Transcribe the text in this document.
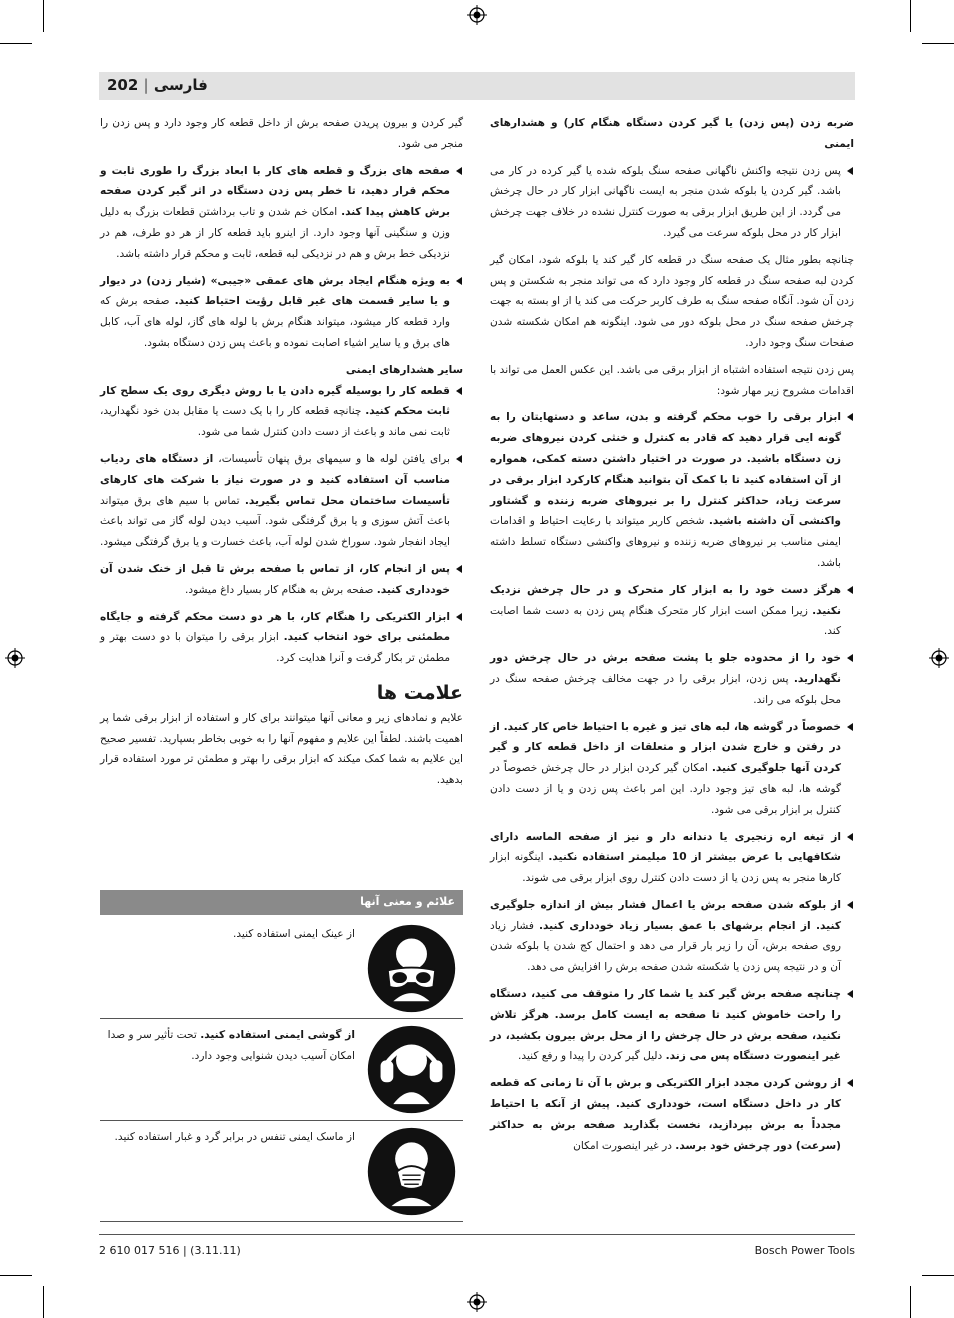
فارسی | 202

ضربه زدن (پس زدن) یا گیر کردن دستگاه هنگام کار) و هشدارهای ایمنی

پس زدن نتیجه واکنش ناگهانی صفحه سنگ بلوکه شده یا گیر کرده در کار می باشد. گیر کردن یا بلوکه شدن منجر به ایست ناگهانی ابزار کار در حال چرخش می گردد. از این طریق ابزار برقی به صورت کنترل نشده در خلاف جهت چرخش ابزار کار در محل بلوکه سرعت می گیرد.

چنانچه بطور مثال یک صفحه سنگ در قطعه کار گیر کند یا بلوکه شود، امکان گیر کردن لبه صفحه سنگ در قطعه کار وجود دارد که می تواند منجر به شکستن و پس زدن آن شود. آنگاه صفحه سنگ به طرف کاربر حرکت می کند یا از او بسته به جهت چرخش صفحه سنگ در محل بلوکه دور می شود. اینگونه هم امکان شکسته شدن صفحات سنگ وجود دارد.

پس زدن نتیجه استفاده اشتباه از ابزار برقی می باشد. این عکس العمل می تواند با اقدامات مشروح زیر مهار شود:

ابزار برقی را خوب محکم گرفته و بدن، ساعد و دستهایتان را به گونه ایی قرار دهید که قادر به کنترل و خنثی کردن نیروهای ضربه زن دستگاه باشید. در صورت در اختیار داشتن دسته کمکی، همواره از آن استفاده کنید تا با کمک آن بتوانید هنگام کارکرد ابزار برقی در سرعت زیاد، حداکثر کنترل را بر نیروهای ضربه زننده و گشتاور واکنشی آن داشته باشید. شخص کاربر میتواند با رعایت احتیاط و اقدامات ایمنی مناسب بر نیروهای ضربه زننده و نیروهای واکنشی دستگاه تسلط داشته باشد.

هرگز دست خود را به ابزار کار متحرک و در حال چرخش نزدیک نکنید. زیرا ممکن است ابزار کار متحرک هنگام پس زدن به دست شما اصابت کند.

خود را از محدوده جلو یا پشت صفحه برش در حال چرخش دور نگهدارید. پس زدن، ابزار برقی را در جهت مخالف چرخش صفحه سنگ در محل بلوکه می راند.

خصوصاً در گوشه ها، لبه های تیز و غیره با احتیاط خاص کار کنید. از در رفتن و خارج شدن ابزار و متعلقات از داخل قطعه کار و گیر کردن آنها جلوگیری کنید. امکان گیر کردن ابزار در حال چرخش خصوصاً در گوشه ها، لبه های تیز وجود دارد. این امر باعث پس زدن و یا از دست دادن کنترل بر ابزار برقی می شود.

از تیغه اره زنجیری یا دندانه دار و نیز از صفحه الماسه دارای شکافهایی با عرض بیشتر از 10 میلیمتر استفاده نکنید. اینگونه ابزار کارها منجر به پس زدن یا از دست دادن کنترل روی ابزار برقی می شوند.

از بلوکه شدن صفحه برش یا اعمال فشار بیش از اندازه جلوگیری کنید. از انجام برشهای با عمق بسیار زیاد خودداری کنید. فشار زیاد روی صفحه برش، آن را زیر بار قرار می دهد و احتمال کج شدن یا بلوکه شدن آن و در نتیجه پس زدن یا شکسته شدن صفحه برش را افزایش می دهد.

چنانچه صفحه برش گیر کند یا شما کار را متوقف می کنید، دستگاه را راحت خاموش کنید تا صفحه به ایست کامل برسد. هرگز تلاش نکنید، صفحه برش در حال چرخش را از محل برش بیرون بکشید، در غیر اینصورت دستگاه پس می زند. دلیل گیر کردن را پیدا و رفع کنید.

از روشن کردن مجدد ابزار الکتریکی و برش با آن تا زمانی که قطعه کار در داخل دستگاه است، خودداری کنید. پیش از آنکه با احتیاط مجدداً به برش بپردازید، نخست بگذارید صفحه برش به حداکثر (سرعت) دور چرخش خود برسد. در غیر اینصورت امکان

گیر کردن و بیرون پریدن صفحه برش از داخل قطعه کار وجود دارد و پس زدن را منجر می شود.

صفحه های بزرگ و قطعه های کار با ابعاد بزرگ را طوری ثابت و محکم قرار دهید، تا خطر پس زدن دستگاه در اثر گیر کردن صفحه برش کاهش پیدا کند. امکان خم شدن و تاب برداشتن قطعات بزرگ به دلیل وزن و سنگینی آنها وجود دارد. از اینرو باید قطعه کار از هر دو طرف، هم در نزدیکی خط برش و هم در نزدیکی لبه قطعه، ثابت و محکم قرار داشته باشد.

به ویژه هنگام ایجاد برش های عمقی «جیبی» (شیار زدن) در دیوار و یا سایر قسمت های غیر قابل رؤیت احتیاط کنید. صفحه برش که وارد قطعه کار میشود، میتواند هنگام برش با لوله های گاز، لوله های آب، کابل های برق و یا سایر اشیاء اصابت نموده و باعث پس زدن دستگاه بشود.

سایر هشدارهای ایمنی

قطعه کار را بوسیله گیره دادن یا با روش دیگری روی یک سطح کار ثابت محکم کنید. چنانچه قطعه کار را با یک دست یا مقابل بدن خود نگهدارید، ثابت نمی ماند و باعث از دست دادن کنترل شما می شود.

برای یافتن لوله ها و سیمهای برق پنهان تأسیسات، از دستگاه های ردیاب مناسب آن استفاده کنید و در صورت نیاز با شرکت های کارهای تأسیسات ساختمان محل تماس بگیرید. تماس با سیم های برق میتواند باعث آتش سوزی و یا برق گرفتگی شود. آسیب دیدن لوله گاز می تواند باعث ایجاد انفجار شود. سوراخ شدن لوله آب، باعث خسارت و یا برق گرفتگی میشود.

پس از انجام کار، از تماس با صفحه برش تا قبل از خنک شدن آن خودداری کنید. صفحه برش به هنگام کار بسیار داغ میشود.

ابزار الکتریکی را هنگام کار، با هر دو دست محکم گرفته و جایگاه مطمئنی برای خود انتخاب کنید. ابزار برقی را میتوان با دو دست بهتر و مطمئن تر بکار گرفت و آنرا هدایت کرد.

علامت ها

علایم و نمادهای زیر و معانی آنها میتوانند برای کار و استفاده از ابزار برقی شما پر اهمیت باشند. لطفاً این علایم و مفهوم آنها را به خوبی بخاطر بسپارید. تفسیر صحیح این علایم به شما کمک میکند که ابزار برقی را بهتر و مطمئن تر مورد استفاده قرار بدهید.

علائم و معنی آنها
از عینک ایمنی استفاده کنید.
از گوشی ایمنی استفاده کنید. تحت تأثیر سر و صدا امکان آسیب دیدن شنوایی وجود دارد.
از ماسک ایمنی تنفس در برابر گرد و غبار استفاده کنید.
2 610 017 516 | (3.11.11)	Bosch Power Tools
